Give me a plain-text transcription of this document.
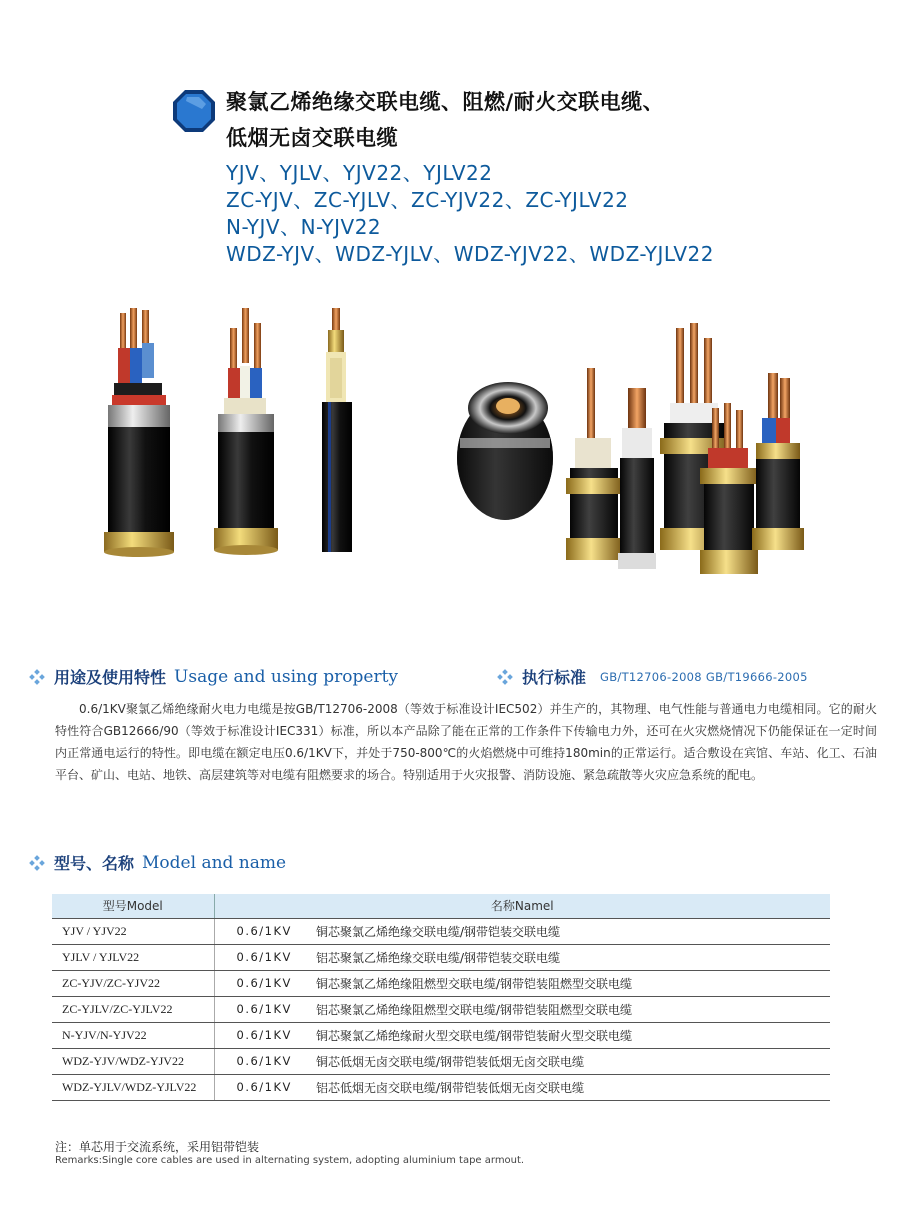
聚氯乙烯绝缘交联电缆、阻燃/耐火交联电缆、
低烟无卤交联电缆
YJV、YJLV、YJV22、YJLV22
ZC-YJV、ZC-YJLV、ZC-YJV22、ZC-YJLV22
N-YJV、N-YJV22
WDZ-YJV、WDZ-YJLV、WDZ-YJV22、WDZ-YJLV22
用途及使用特性 Usage and using property	执行标准 GB/T12706-2008 GB/T19666-2005

0.6/1KV聚氯乙烯绝缘耐火电力电缆是按GB/T12706-2008（等效于标准设计IEC502）并生产的，其物理、电气性能与普通电力电缆相同。它的耐火特性符合GB12666/90（等效于标准设计IEC331）标准，所以本产品除了能在正常的工作条件下传输电力外，还可在火灾燃烧情况下仍能保证在一定时间内正常通电运行的特性。即电缆在额定电压0.6/1KV下，并处于750-800℃的火焰燃烧中可维持180min的正常运行。适合敷设在宾馆、车站、化工、石油平台、矿山、电站、地铁、高层建筑等对电缆有阻燃要求的场合。特别适用于火灾报警、消防设施、紧急疏散等火灾应急系统的配电。

型号、名称 Model and name
型号Model	名称Namel	
YJV / YJV22	0.6/1KV	铜芯聚氯乙烯绝缘交联电缆/钢带铠装交联电缆
YJLV / YJLV22	0.6/1KV	铝芯聚氯乙烯绝缘交联电缆/钢带铠装交联电缆
ZC-YJV/ZC-YJV22	0.6/1KV	铜芯聚氯乙烯绝缘阻燃型交联电缆/钢带铠装阻燃型交联电缆
ZC-YJLV/ZC-YJLV22	0.6/1KV	铝芯聚氯乙烯绝缘阻燃型交联电缆/钢带铠装阻燃型交联电缆
N-YJV/N-YJV22	0.6/1KV	铜芯聚氯乙烯绝缘耐火型交联电缆/钢带铠装耐火型交联电缆
WDZ-YJV/WDZ-YJV22	0.6/1KV	铜芯低烟无卤交联电缆/钢带铠装低烟无卤交联电缆
WDZ-YJLV/WDZ-YJLV22	0.6/1KV	铝芯低烟无卤交联电缆/钢带铠装低烟无卤交联电缆
注：单芯用于交流系统，采用铝带铠装
Remarks:Single core cables are used in alternating system, adopting aluminium tape armout.
